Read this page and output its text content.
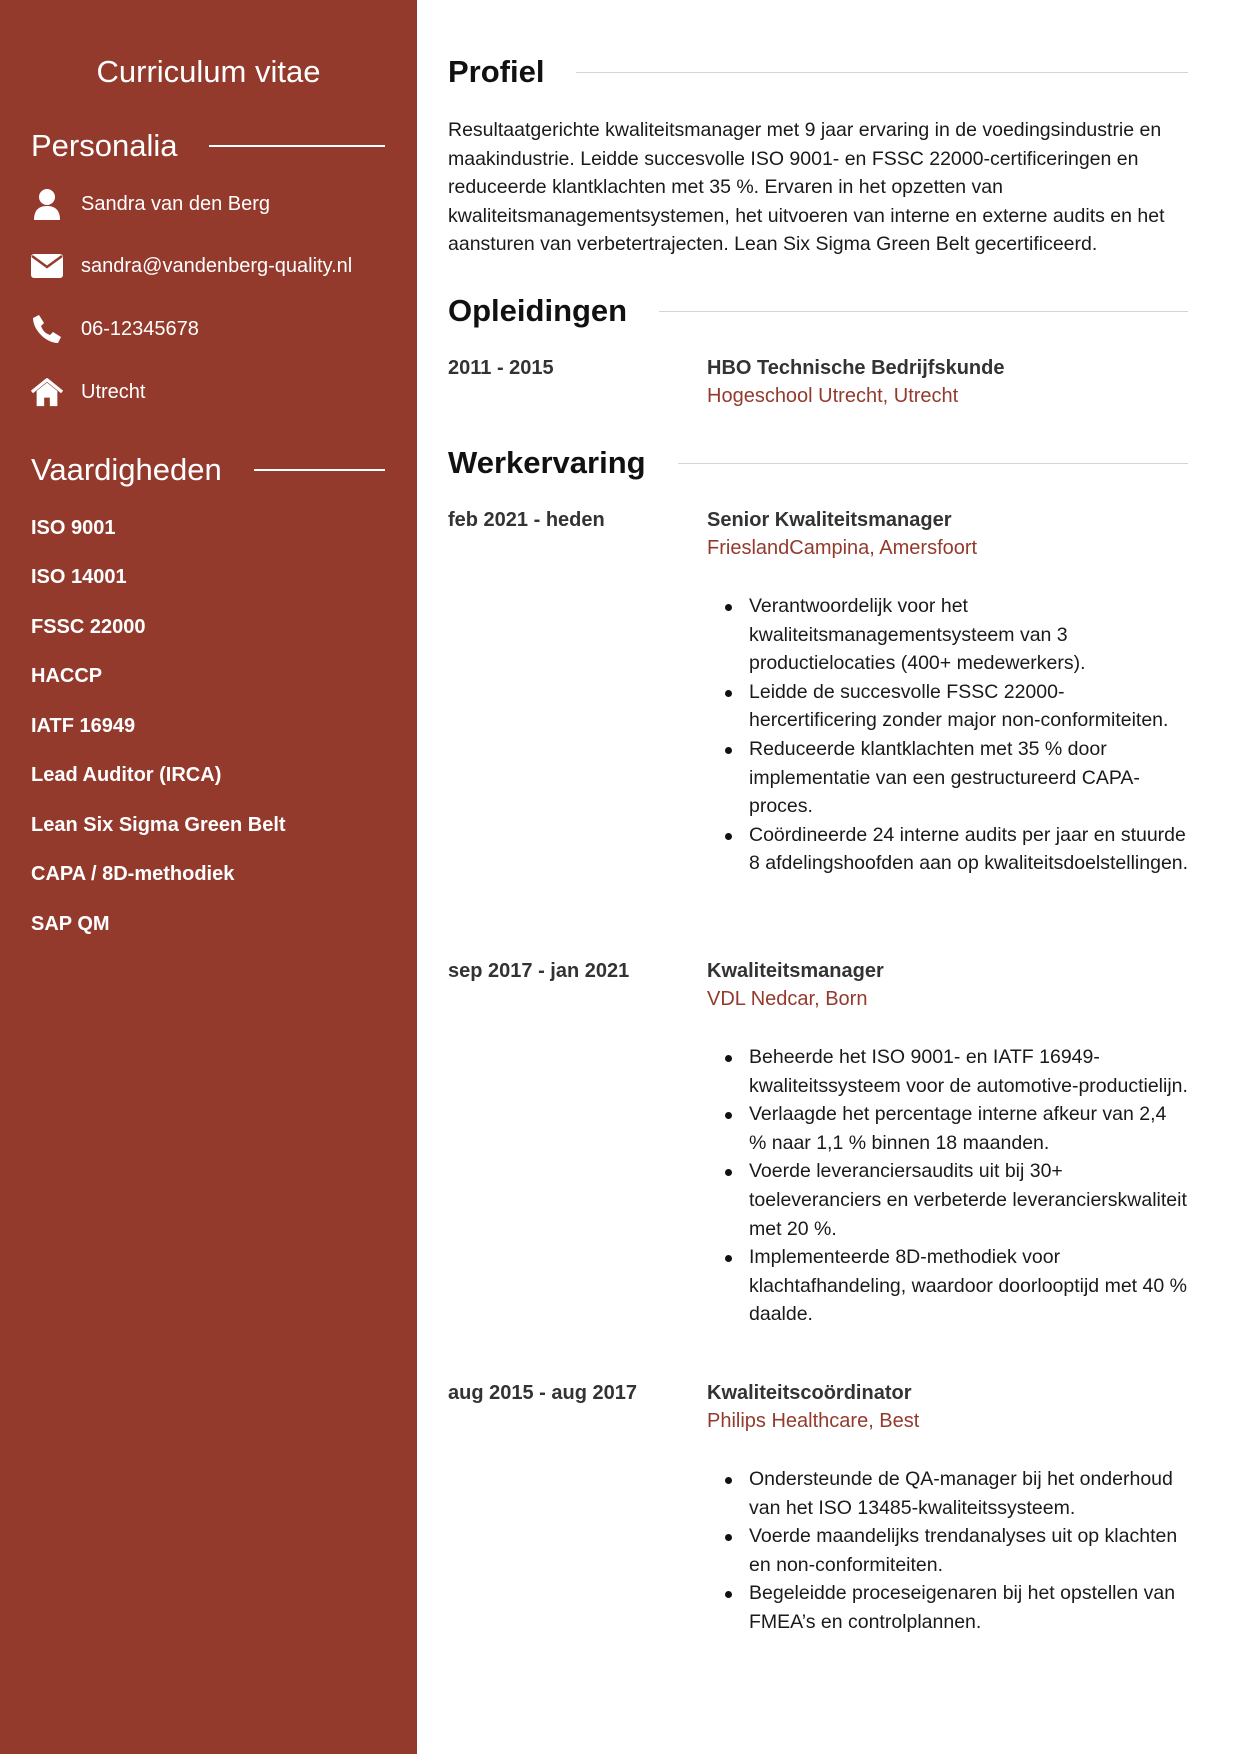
Curriculum vitae
Personalia
Sandra van den Berg
sandra@vandenberg-quality.nl
06-12345678
Utrecht
Vaardigheden
ISO 9001
ISO 14001
FSSC 22000
HACCP
IATF 16949
Lead Auditor (IRCA)
Lean Six Sigma Green Belt
CAPA / 8D-methodiek
SAP QM
Profiel

Resultaatgerichte kwaliteitsmanager met 9 jaar ervaring in de voedingsindustrie en maakindustrie. Leidde succesvolle ISO 9001- en FSSC 22000-certificeringen en reduceerde klantklachten met 35 %. Ervaren in het opzetten van kwaliteitsmanagementsystemen, het uitvoeren van interne en externe audits en het aansturen van verbetertrajecten. Lean Six Sigma Green Belt gecertificeerd.

Opleidingen
2011 - 2015	HBO Technische Bedrijfskunde
Hogeschool Utrecht, Utrecht
Werkervaring
feb 2021 - heden	Senior Kwaliteitsmanager
FrieslandCampina, Amersfoort
Verantwoordelijk voor het kwaliteitsmanagementsysteem van 3 productielocaties (400+ medewerkers).
Leidde de succesvolle FSSC 22000-hercertificering zonder major non-conformiteiten.
Reduceerde klantklachten met 35 % door implementatie van een gestructureerd CAPA-proces.
Coördineerde 24 interne audits per jaar en stuurde 8 afdelingshoofden aan op kwaliteitsdoelstellingen.
sep 2017 - jan 2021	Kwaliteitsmanager
VDL Nedcar, Born
Beheerde het ISO 9001- en IATF 16949-kwaliteitssysteem voor de automotive-productielijn.
Verlaagde het percentage interne afkeur van 2,4 % naar 1,1 % binnen 18 maanden.
Voerde leveranciersaudits uit bij 30+ toeleveranciers en verbeterde leverancierskwaliteit met 20 %.
Implementeerde 8D-methodiek voor klachtafhandeling, waardoor doorlooptijd met 40 % daalde.
aug 2015 - aug 2017	Kwaliteitscoördinator
Philips Healthcare, Best
Ondersteunde de QA-manager bij het onderhoud van het ISO 13485-kwaliteitssysteem.
Voerde maandelijks trendanalyses uit op klachten en non-conformiteiten.
Begeleidde proceseigenaren bij het opstellen van FMEA’s en controlplannen.
